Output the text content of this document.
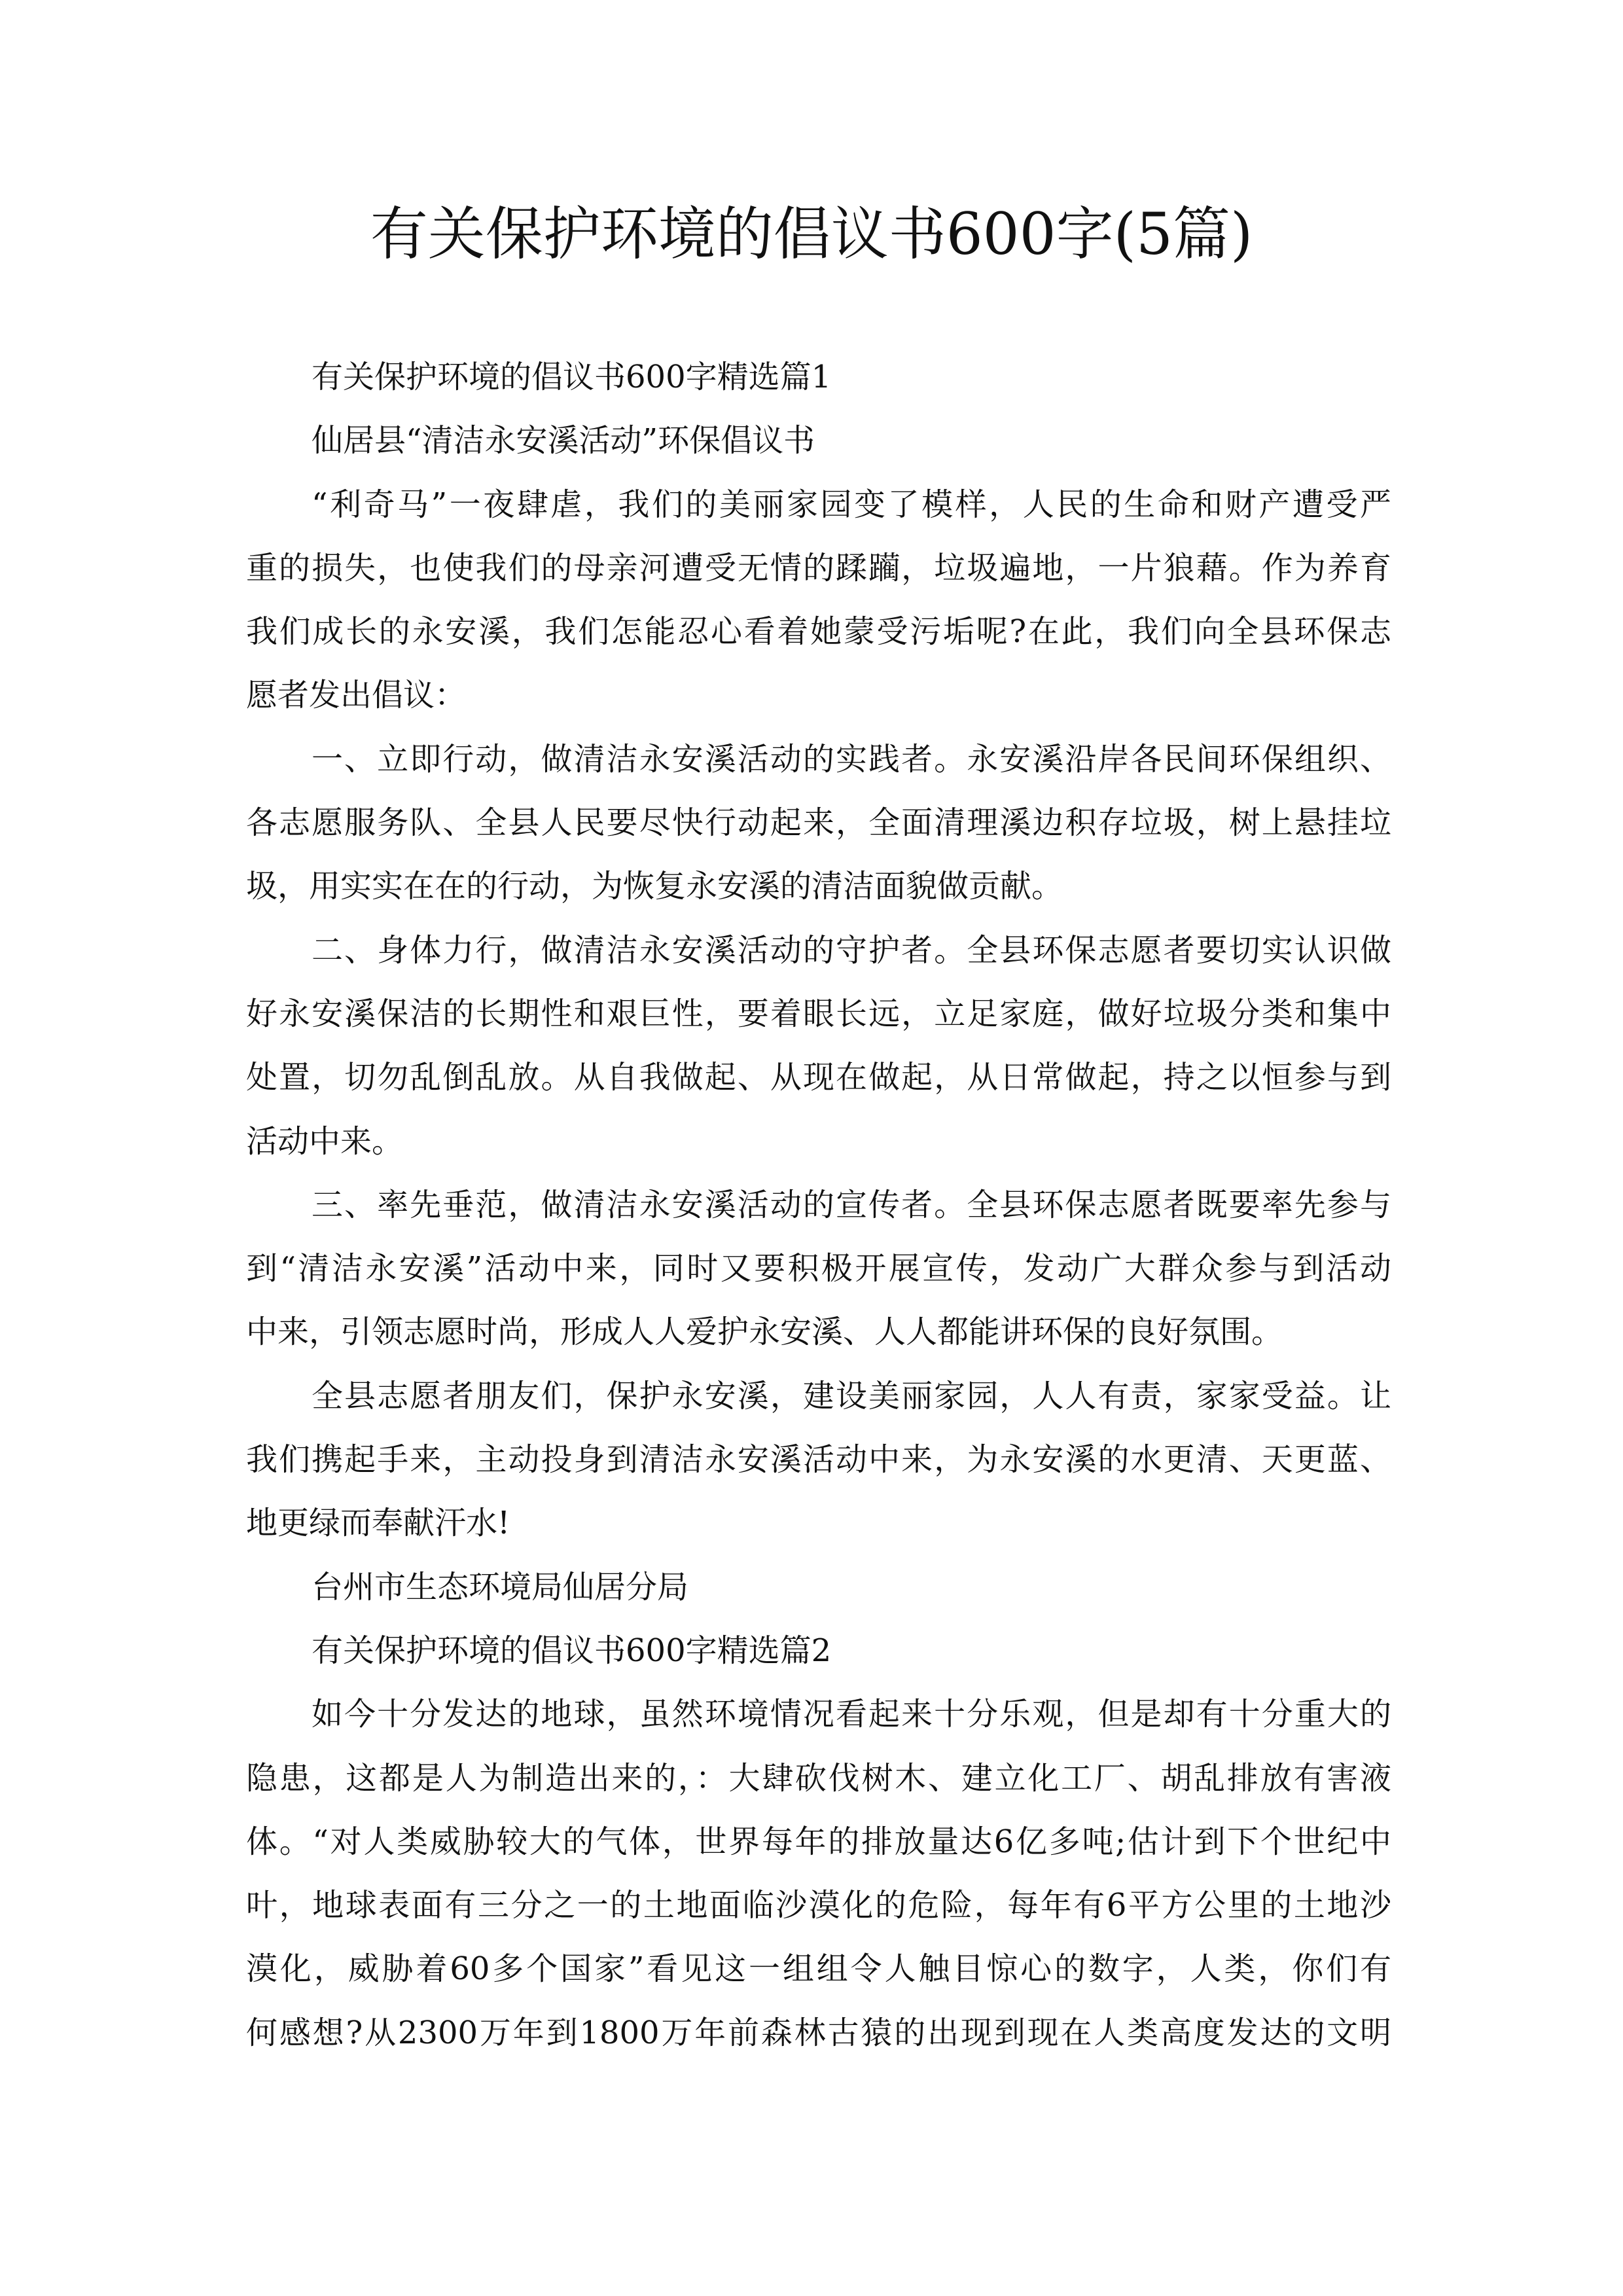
有关保护环境的倡议书600字(5篇)
有关保护环境的倡议书600字精选篇1
仙居县“清洁永安溪活动”环保倡议书
“利奇马”一夜肆虐，我们的美丽家园变了模样，人民的生命和财产遭受严
重的损失，也使我们的母亲河遭受无情的蹂躏，垃圾遍地，一片狼藉。作为养育
我们成长的永安溪，我们怎能忍心看着她蒙受污垢呢?在此，我们向全县环保志
愿者发出倡议：
一、立即行动，做清洁永安溪活动的实践者。永安溪沿岸各民间环保组织、
各志愿服务队、全县人民要尽快行动起来，全面清理溪边积存垃圾，树上悬挂垃
圾，用实实在在的行动，为恢复永安溪的清洁面貌做贡献。
二、身体力行，做清洁永安溪活动的守护者。全县环保志愿者要切实认识做
好永安溪保洁的长期性和艰巨性，要着眼长远，立足家庭，做好垃圾分类和集中
处置，切勿乱倒乱放。从自我做起、从现在做起，从日常做起，持之以恒参与到
活动中来。
三、率先垂范，做清洁永安溪活动的宣传者。全县环保志愿者既要率先参与
到“清洁永安溪”活动中来，同时又要积极开展宣传，发动广大群众参与到活动
中来，引领志愿时尚，形成人人爱护永安溪、人人都能讲环保的良好氛围。
全县志愿者朋友们，保护永安溪，建设美丽家园，人人有责，家家受益。让
我们携起手来，主动投身到清洁永安溪活动中来，为永安溪的水更清、天更蓝、
地更绿而奉献汗水!
台州市生态环境局仙居分局
有关保护环境的倡议书600字精选篇2
如今十分发达的地球，虽然环境情况看起来十分乐观，但是却有十分重大的
隐患，这都是人为制造出来的，：大肆砍伐树木、建立化工厂、胡乱排放有害液
体。“对人类威胁较大的气体，世界每年的排放量达6亿多吨;估计到下个世纪中
叶，地球表面有三分之一的土地面临沙漠化的危险，每年有6平方公里的土地沙
漠化，威胁着60多个国家”看见这一组组令人触目惊心的数字，人类，你们有
何感想?从2300万年到1800万年前森林古猿的出现到现在人类高度发达的文明
